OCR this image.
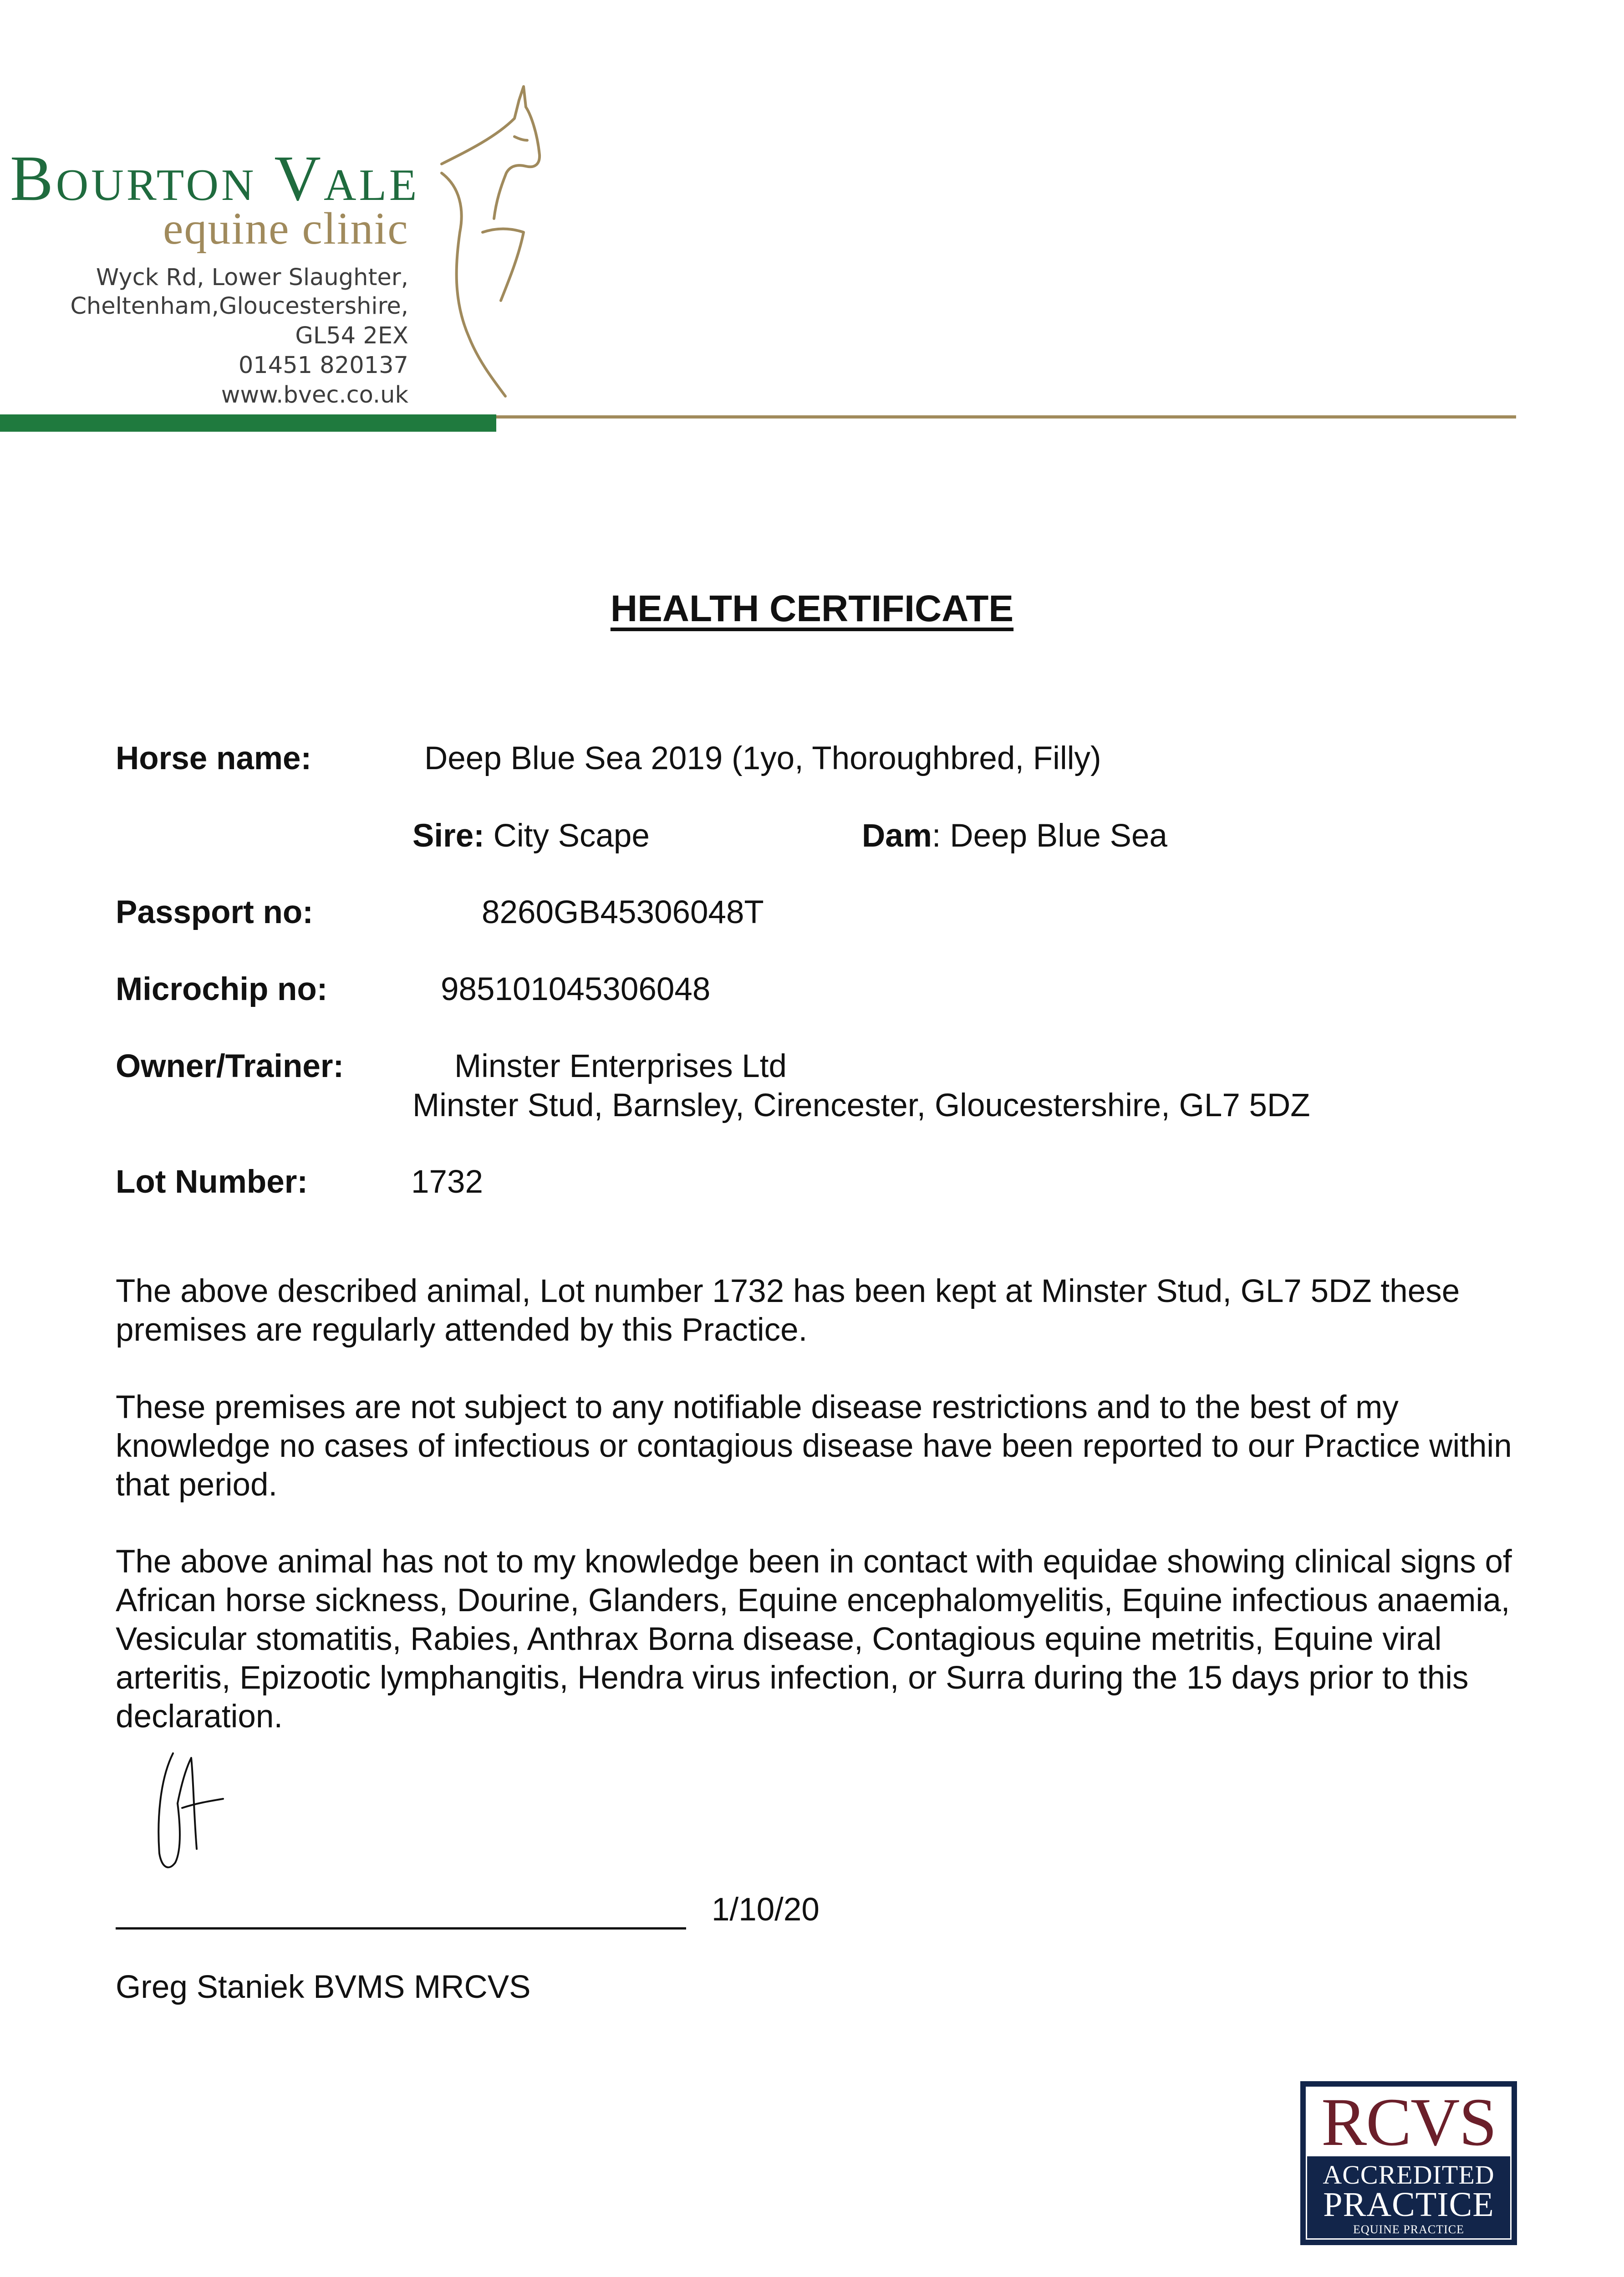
Bourton Vale
equine clinic
Wyck Rd, Lower Slaughter,
Cheltenham,Gloucestershire,
GL54 2EX
01451 820137
www.bvec.co.uk
HEALTH CERTIFICATE
Horse name:	Deep Blue Sea 2019 (1yo, Thoroughbred, Filly)
Sire: City Scape	Dam: Deep Blue Sea
Passport no:	8260GB45306048T
Microchip no:	985101045306048
Owner/Trainer:	Minster Enterprises Ltd
Minster Stud, Barnsley, Cirencester, Gloucestershire, GL7 5DZ
Lot Number:	1732

The above described animal, Lot number 1732 has been kept at Minster Stud, GL7 5DZ these premises are regularly attended by this Practice.

These premises are not subject to any notifiable disease restrictions and to the best of my knowledge no cases of infectious or contagious disease have been reported to our Practice within that period.

The above animal has not to my knowledge been in contact with equidae showing clinical signs of African horse sickness, Dourine, Glanders, Equine encephalomyelitis, Equine infectious anaemia, Vesicular stomatitis, Rabies, Anthrax Borna disease, Contagious equine metritis, Equine viral arteritis, Epizootic lymphangitis, Hendra virus infection, or Surra during the 15 days prior to this declaration.

1/10/20
Greg Staniek BVMS MRCVS
RCVS
ACCREDITED
PRACTICE
EQUINE PRACTICE
